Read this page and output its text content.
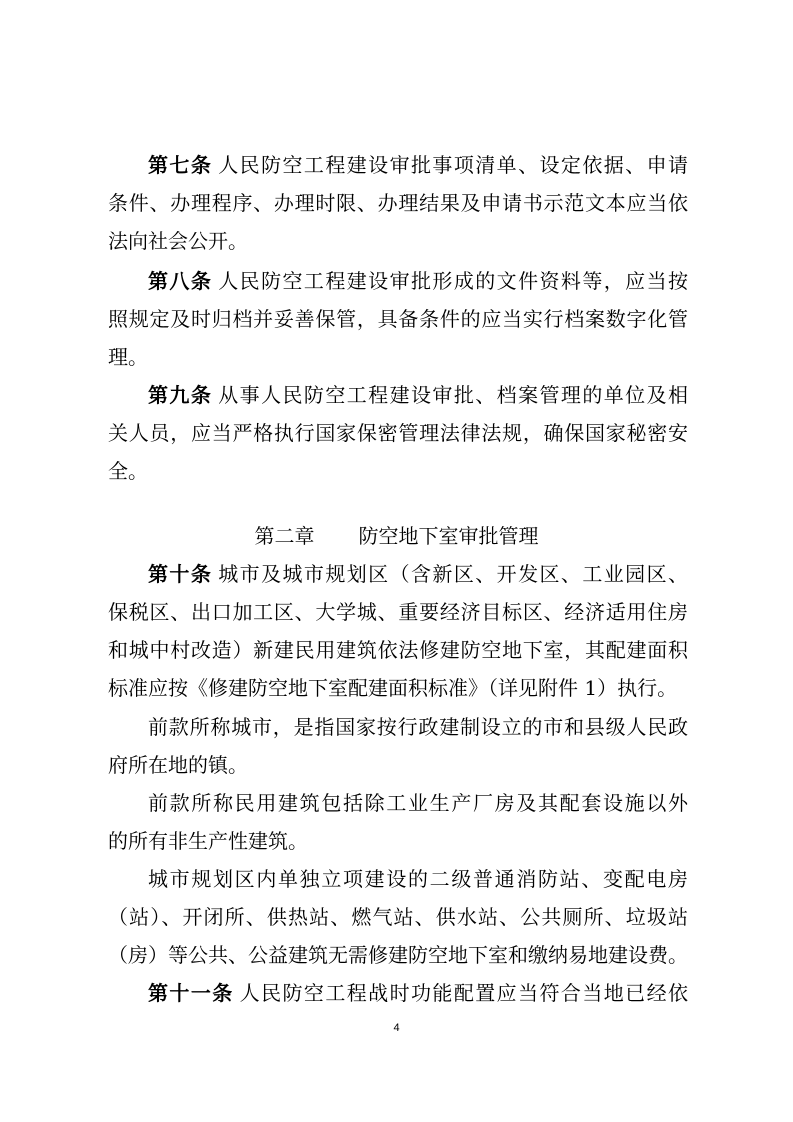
第七条 人民防空工程建设审批事项清单、设定依据、申请
条件、办理程序、办理时限、办理结果及申请书示范文本应当依
法向社会公开。
第八条 人民防空工程建设审批形成的文件资料等，应当按
照规定及时归档并妥善保管，具备条件的应当实行档案数字化管
理。
第九条 从事人民防空工程建设审批、档案管理的单位及相
关人员，应当严格执行国家保密管理法律法规，确保国家秘密安
全。
第二章 防空地下室审批管理
第十条 城市及城市规划区（含新区、开发区、工业园区、
保税区、出口加工区、大学城、重要经济目标区、经济适用住房
和城中村改造）新建民用建筑依法修建防空地下室，其配建面积
标准应按《修建防空地下室配建面积标准》（详见附件 1）执行。
前款所称城市，是指国家按行政建制设立的市和县级人民政
府所在地的镇。
前款所称民用建筑包括除工业生产厂房及其配套设施以外
的所有非生产性建筑。
城市规划区内单独立项建设的二级普通消防站、变配电房
（站）、开闭所、供热站、燃气站、供水站、公共厕所、垃圾站
（房）等公共、公益建筑无需修建防空地下室和缴纳易地建设费。
第十一条 人民防空工程战时功能配置应当符合当地已经依
4
